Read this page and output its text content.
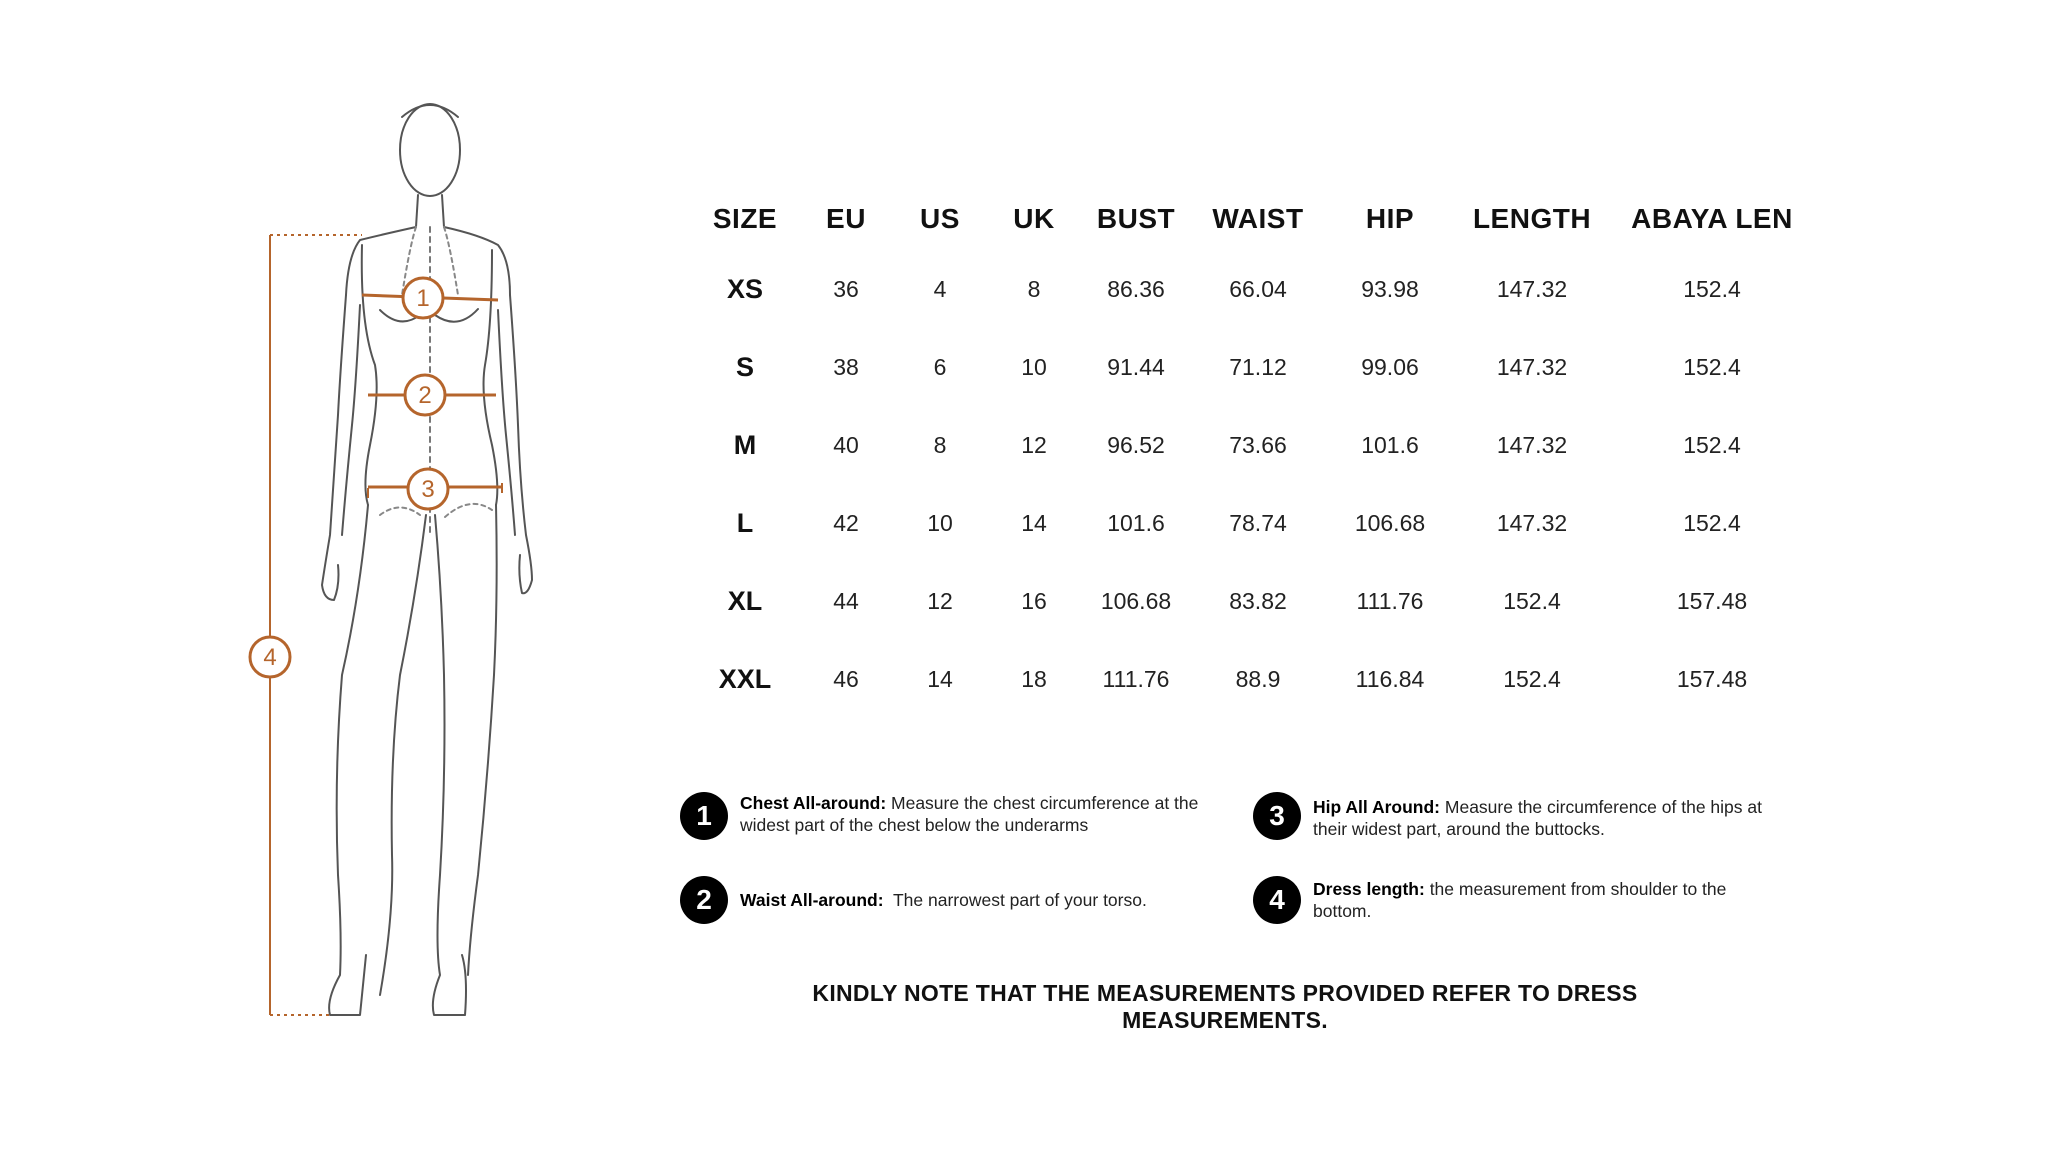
1
2
3
4
SIZE	EU	US	UK	BUST	WAIST	HIP	LENGTH	ABAYA LEN
XS	36	4	8	86.36	66.04	93.98	147.32	152.4
S	38	6	10	91.44	71.12	99.06	147.32	152.4
M	40	8	12	96.52	73.66	101.6	147.32	152.4
L	42	10	14	101.6	78.74	106.68	147.32	152.4
XL	44	12	16	106.68	83.82	111.76	152.4	157.48
XXL	46	14	18	111.76	88.9	116.84	152.4	157.48
1	Chest All-around: Measure the chest circumference at the widest part of the chest below the underarms
2	Waist All-around:  The narrowest part of your torso.
3	Hip All Around: Measure the circumference of the hips at their widest part, around the buttocks.
4	Dress length: the measurement from shoulder to the bottom.
KINDLY NOTE THAT THE MEASUREMENTS PROVIDED REFER TO DRESS MEASUREMENTS.
